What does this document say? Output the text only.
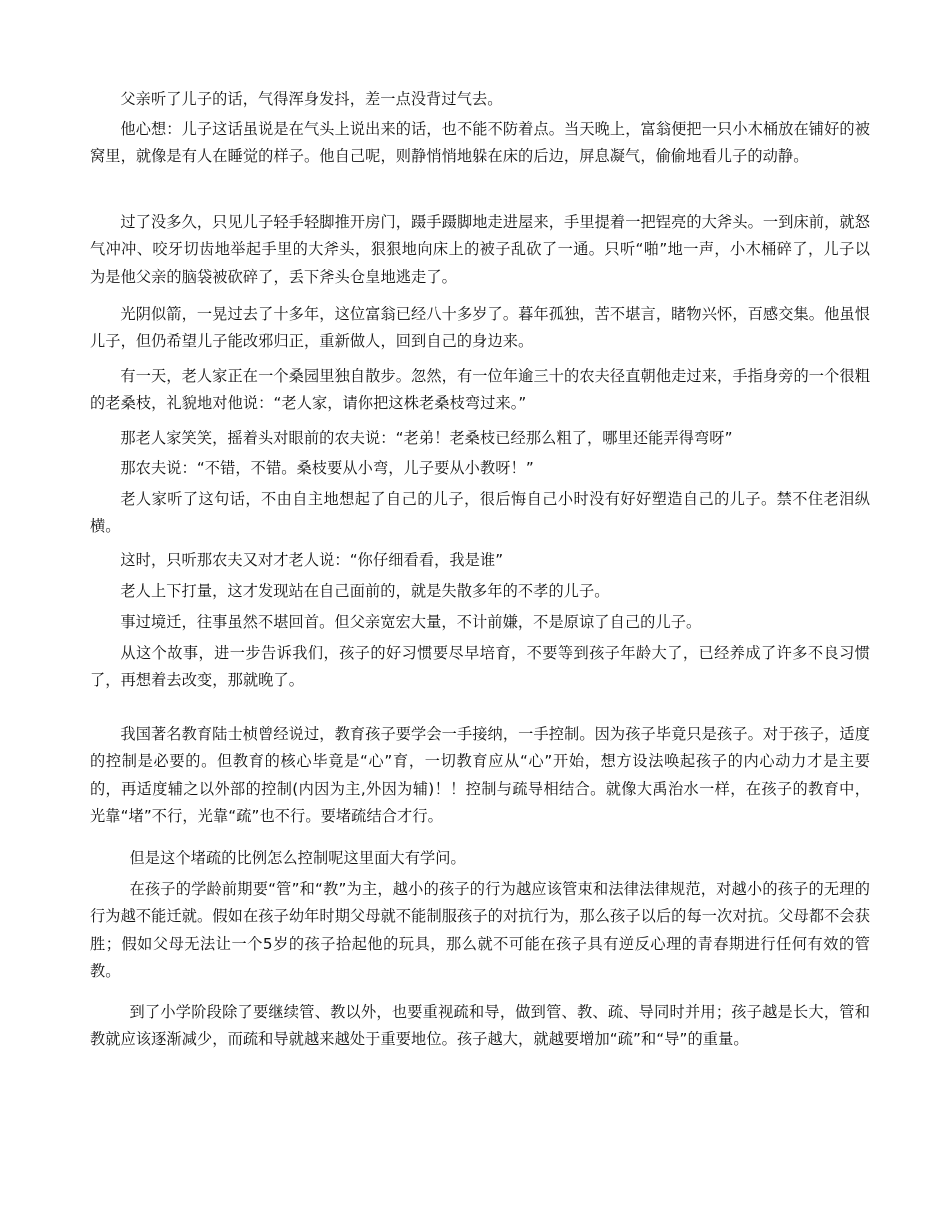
父亲听了儿子的话，气得浑身发抖，差一点没背过气去。

他心想：儿子这话虽说是在气头上说出来的话，也不能不防着点。当天晚上，富翁便把一只小木桶放在铺好的被窝里，就像是有人在睡觉的样子。他自己呢，则静悄悄地躲在床的后边，屏息凝气，偷偷地看儿子的动静。

过了没多久，只见儿子轻手轻脚推开房门，蹑手蹑脚地走进屋来，手里提着一把锃亮的大斧头。一到床前，就怒气冲冲、咬牙切齿地举起手里的大斧头，狠狠地向床上的被子乱砍了一通。只听“啪”地一声，小木桶碎了，儿子以为是他父亲的脑袋被砍碎了，丢下斧头仓皇地逃走了。

光阴似箭，一晃过去了十多年，这位富翁已经八十多岁了。暮年孤独，苦不堪言，睹物兴怀，百感交集。他虽恨儿子，但仍希望儿子能改邪归正，重新做人，回到自己的身边来。

有一天，老人家正在一个桑园里独自散步。忽然，有一位年逾三十的农夫径直朝他走过来，手指身旁的一个很粗的老桑枝，礼貌地对他说：“老人家，请你把这株老桑枝弯过来。”

那老人家笑笑，摇着头对眼前的农夫说：“老弟！老桑枝已经那么粗了，哪里还能弄得弯呀”

那农夫说：“不错，不错。桑枝要从小弯，儿子要从小教呀！”

老人家听了这句话，不由自主地想起了自己的儿子，很后悔自己小时没有好好塑造自己的儿子。禁不住老泪纵横。

这时，只听那农夫又对才老人说：“你仔细看看，我是谁”

老人上下打量，这才发现站在自己面前的，就是失散多年的不孝的儿子。

事过境迁，往事虽然不堪回首。但父亲宽宏大量，不计前嫌，不是原谅了自己的儿子。

从这个故事，进一步告诉我们，孩子的好习惯要尽早培育，不要等到孩子年龄大了，已经养成了许多不良习惯了，再想着去改变，那就晚了。

我国著名教育陆士桢曾经说过，教育孩子要学会一手接纳，一手控制。因为孩子毕竟只是孩子。对于孩子，适度的控制是必要的。但教育的核心毕竟是“心”育，一切教育应从“心”开始，想方设法唤起孩子的内心动力才是主要的，再适度辅之以外部的控制(内因为主,外因为辅)！！控制与疏导相结合。就像大禹治水一样，在孩子的教育中，光靠“堵”不行，光靠“疏”也不行。要堵疏结合才行。

但是这个堵疏的比例怎么控制呢这里面大有学问。

在孩子的学龄前期要“管”和“教”为主，越小的孩子的行为越应该管束和法律法律规范，对越小的孩子的无理的行为越不能迁就。假如在孩子幼年时期父母就不能制服孩子的对抗行为，那么孩子以后的每一次对抗。父母都不会获胜；假如父母无法让一个5岁的孩子拾起他的玩具，那么就不可能在孩子具有逆反心理的青春期进行任何有效的管教。

到了小学阶段除了要继续管、教以外，也要重视疏和导，做到管、教、疏、导同时并用；孩子越是长大，管和教就应该逐渐减少，而疏和导就越来越处于重要地位。孩子越大，就越要增加“疏”和“导”的重量。
